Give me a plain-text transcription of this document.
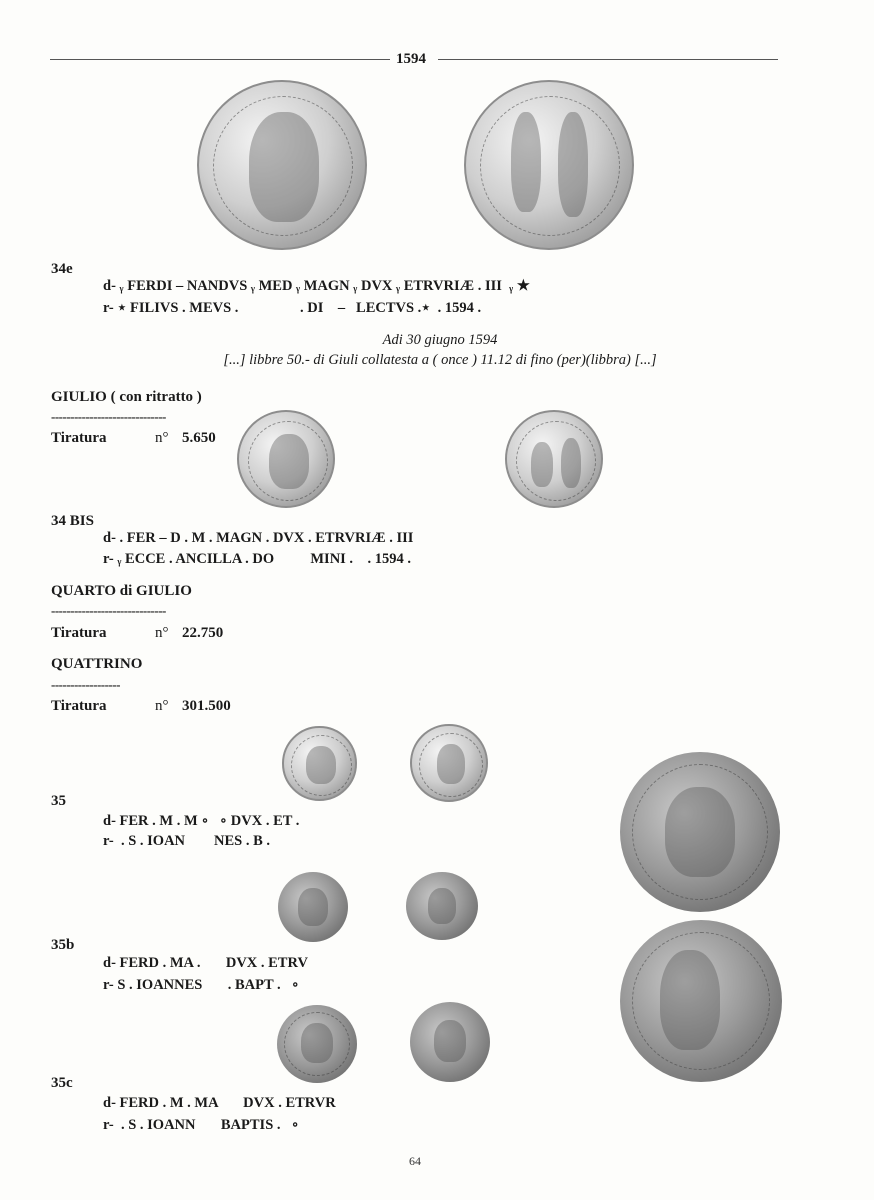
1594
34e
d- ᵧ FERDI – NANDVS ᵧ MED ᵧ MAGN ᵧ DVX ᵧ ETRVRIÆ . III  ᵧ ★
r- ⋆ FILIVS . MEVS .                 . DI    –   LECTVS .⋆  . 1594 .
Adi 30 giugno 1594
[...] libbre 50.- di Giuli collatesta a ( once ) 11.12 di fino (per)(libbra) [...]
GIULIO ( con ritratto )
------------------------------
Tiratura	n° 5.650
34 BIS
d- . FER – D . M . MAGN . DVX . ETRVRIÆ . III
r- ᵧ ECCE . ANCILLA . DO          MINI .    . 1594 .
QUARTO di GIULIO
------------------------------
Tiratura	n° 22.750
QUATTRINO
------------------
Tiratura	n° 301.500
35
d- FER . M . M ∘   ∘ DVX . ET .
r-  . S . IOAN        NES . B .
35b
d- FERD . MA .       DVX . ETRV
r- S . IOANNES       . BAPT .   ∘
35c
d- FERD . M . MA       DVX . ETRVR
r-  . S . IOANN       BAPTIS .   ∘
64
